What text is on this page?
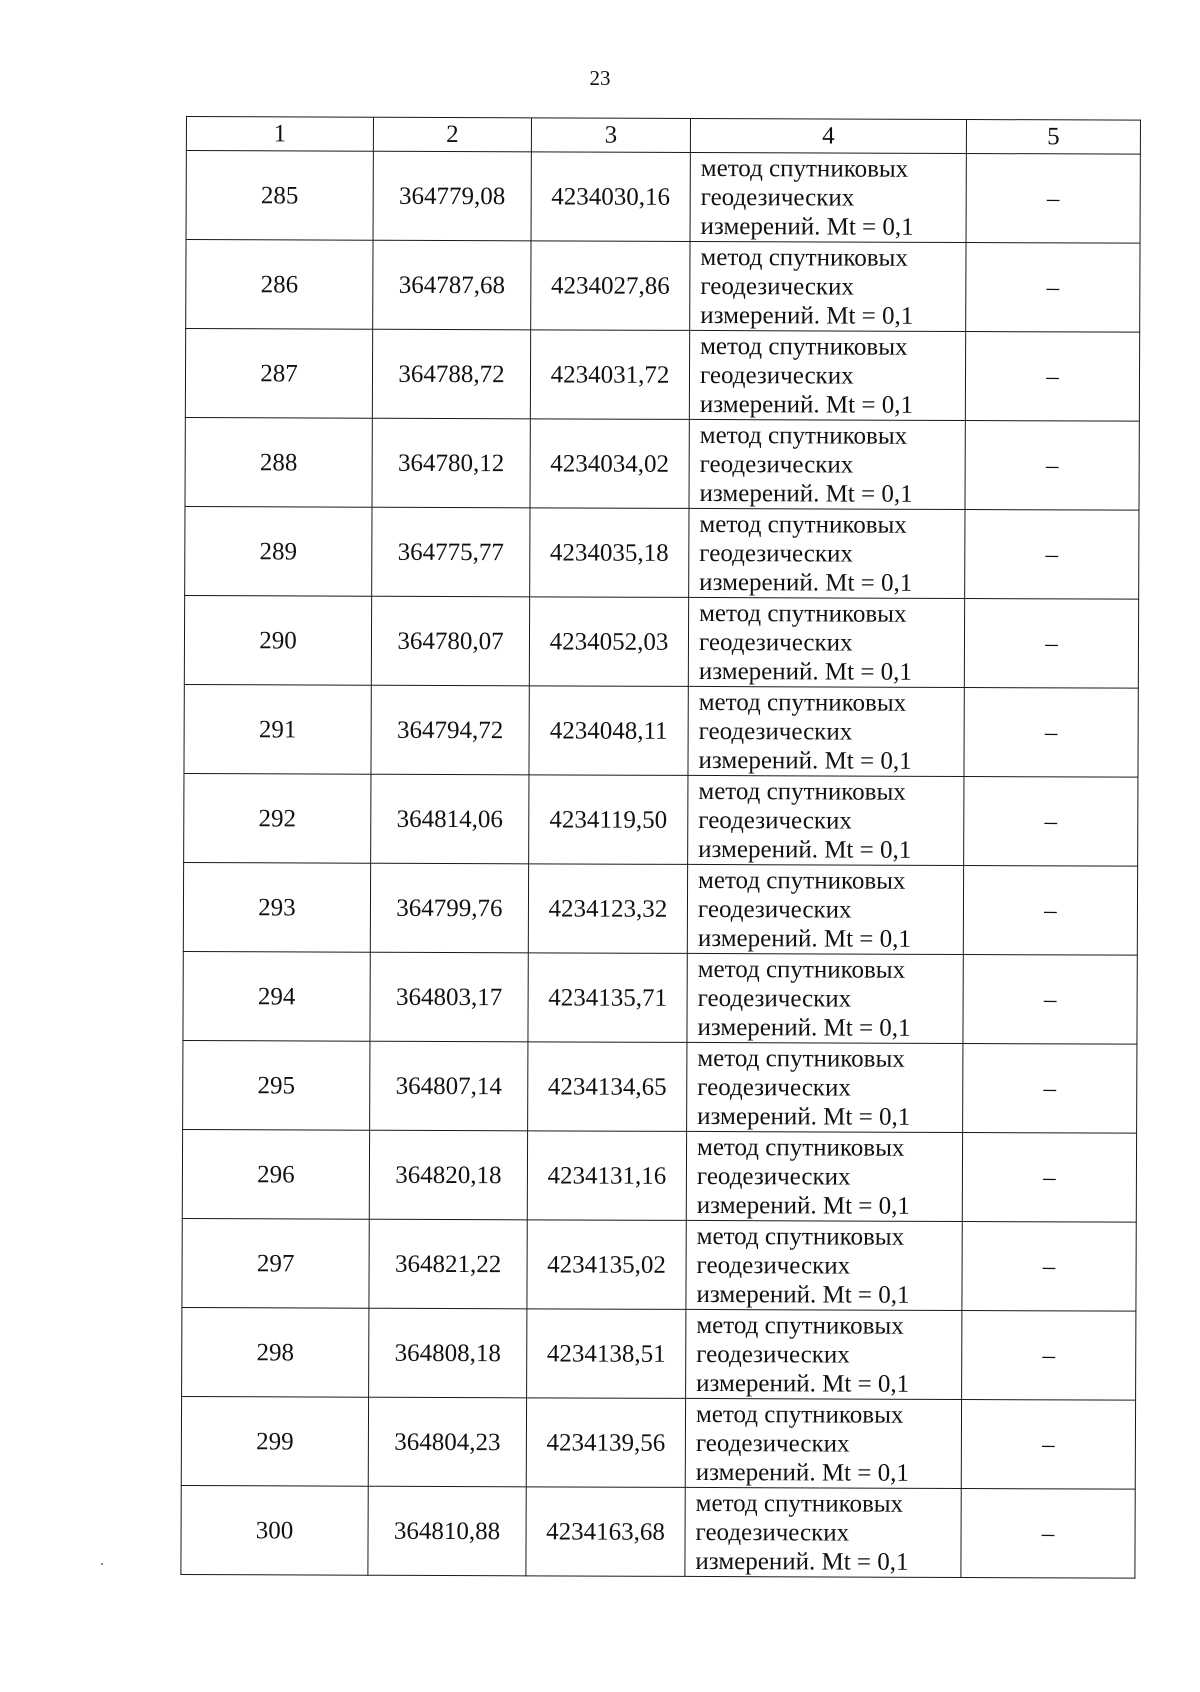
23
1	2	3	4	5
285	364779,08	4234030,16	метод спутниковых
геодезических
измерений. Mt = 0,1	–
286	364787,68	4234027,86	метод спутниковых
геодезических
измерений. Mt = 0,1	–
287	364788,72	4234031,72	метод спутниковых
геодезических
измерений. Mt = 0,1	–
288	364780,12	4234034,02	метод спутниковых
геодезических
измерений. Mt = 0,1	–
289	364775,77	4234035,18	метод спутниковых
геодезических
измерений. Mt = 0,1	–
290	364780,07	4234052,03	метод спутниковых
геодезических
измерений. Mt = 0,1	–
291	364794,72	4234048,11	метод спутниковых
геодезических
измерений. Mt = 0,1	–
292	364814,06	4234119,50	метод спутниковых
геодезических
измерений. Mt = 0,1	–
293	364799,76	4234123,32	метод спутниковых
геодезических
измерений. Mt = 0,1	–
294	364803,17	4234135,71	метод спутниковых
геодезических
измерений. Mt = 0,1	–
295	364807,14	4234134,65	метод спутниковых
геодезических
измерений. Mt = 0,1	–
296	364820,18	4234131,16	метод спутниковых
геодезических
измерений. Mt = 0,1	–
297	364821,22	4234135,02	метод спутниковых
геодезических
измерений. Mt = 0,1	–
298	364808,18	4234138,51	метод спутниковых
геодезических
измерений. Mt = 0,1	–
299	364804,23	4234139,56	метод спутниковых
геодезических
измерений. Mt = 0,1	–
300	364810,88	4234163,68	метод спутниковых
геодезических
измерений. Mt = 0,1	–
